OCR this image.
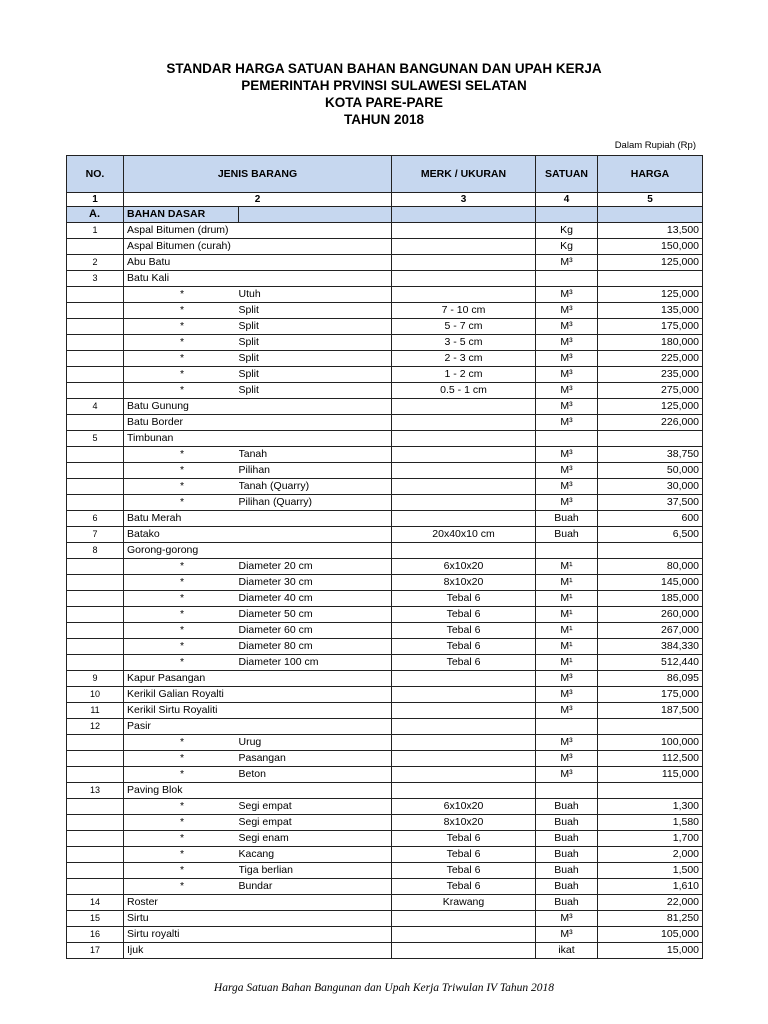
STANDAR HARGA SATUAN BAHAN BANGUNAN DAN UPAH KERJA
PEMERINTAH PRVINSI SULAWESI SELATAN
KOTA PARE-PARE
TAHUN 2018
Dalam Rupiah (Rp)
NO.	JENIS BARANG		MERK / UKURAN	SATUAN	HARGA
1	2		3	4	5
A.	BAHAN DASAR				
1	Aspal Bitumen (drum)			Kg	13,500
	Aspal Bitumen (curah)			Kg	150,000
2	Abu Batu			M³	125,000
3	Batu Kali				
	*	Utuh		M³	125,000
	*	Split	7 - 10 cm	M³	135,000
	*	Split	5 - 7 cm	M³	175,000
	*	Split	3 - 5 cm	M³	180,000
	*	Split	2 - 3 cm	M³	225,000
	*	Split	1 - 2 cm	M³	235,000
	*	Split	0.5 - 1 cm	M³	275,000
4	Batu Gunung			M³	125,000
	Batu Border			M³	226,000
5	Timbunan				
	*	Tanah		M³	38,750
	*	Pilihan		M³	50,000
	*	Tanah (Quarry)		M³	30,000
	*	Pilihan (Quarry)		M³	37,500
6	Batu Merah			Buah	600
7	Batako		20x40x10 cm	Buah	6,500
8	Gorong-gorong				
	*	Diameter 20 cm	6x10x20	M¹	80,000
	*	Diameter 30 cm	8x10x20	M¹	145,000
	*	Diameter 40 cm	Tebal 6	M¹	185,000
	*	Diameter 50 cm	Tebal 6	M¹	260,000
	*	Diameter 60 cm	Tebal 6	M¹	267,000
	*	Diameter 80 cm	Tebal 6	M¹	384,330
	*	Diameter 100 cm	Tebal 6	M¹	512,440
9	Kapur Pasangan			M³	86,095
10	Kerikil Galian Royalti			M³	175,000
11	Kerikil Sirtu Royaliti			M³	187,500
12	Pasir				
	*	Urug		M³	100,000
	*	Pasangan		M³	112,500
	*	Beton		M³	115,000
13	Paving Blok				
	*	Segi empat	6x10x20	Buah	1,300
	*	Segi empat	8x10x20	Buah	1,580
	*	Segi enam	Tebal 6	Buah	1,700
	*	Kacang	Tebal 6	Buah	2,000
	*	Tiga berlian	Tebal 6	Buah	1,500
	*	Bundar	Tebal 6	Buah	1,610
14	Roster		Krawang	Buah	22,000
15	Sirtu			M³	81,250
16	Sirtu royalti			M³	105,000
17	Ijuk			ikat	15,000
Harga Satuan Bahan Bangunan dan Upah Kerja Triwulan IV Tahun 2018
